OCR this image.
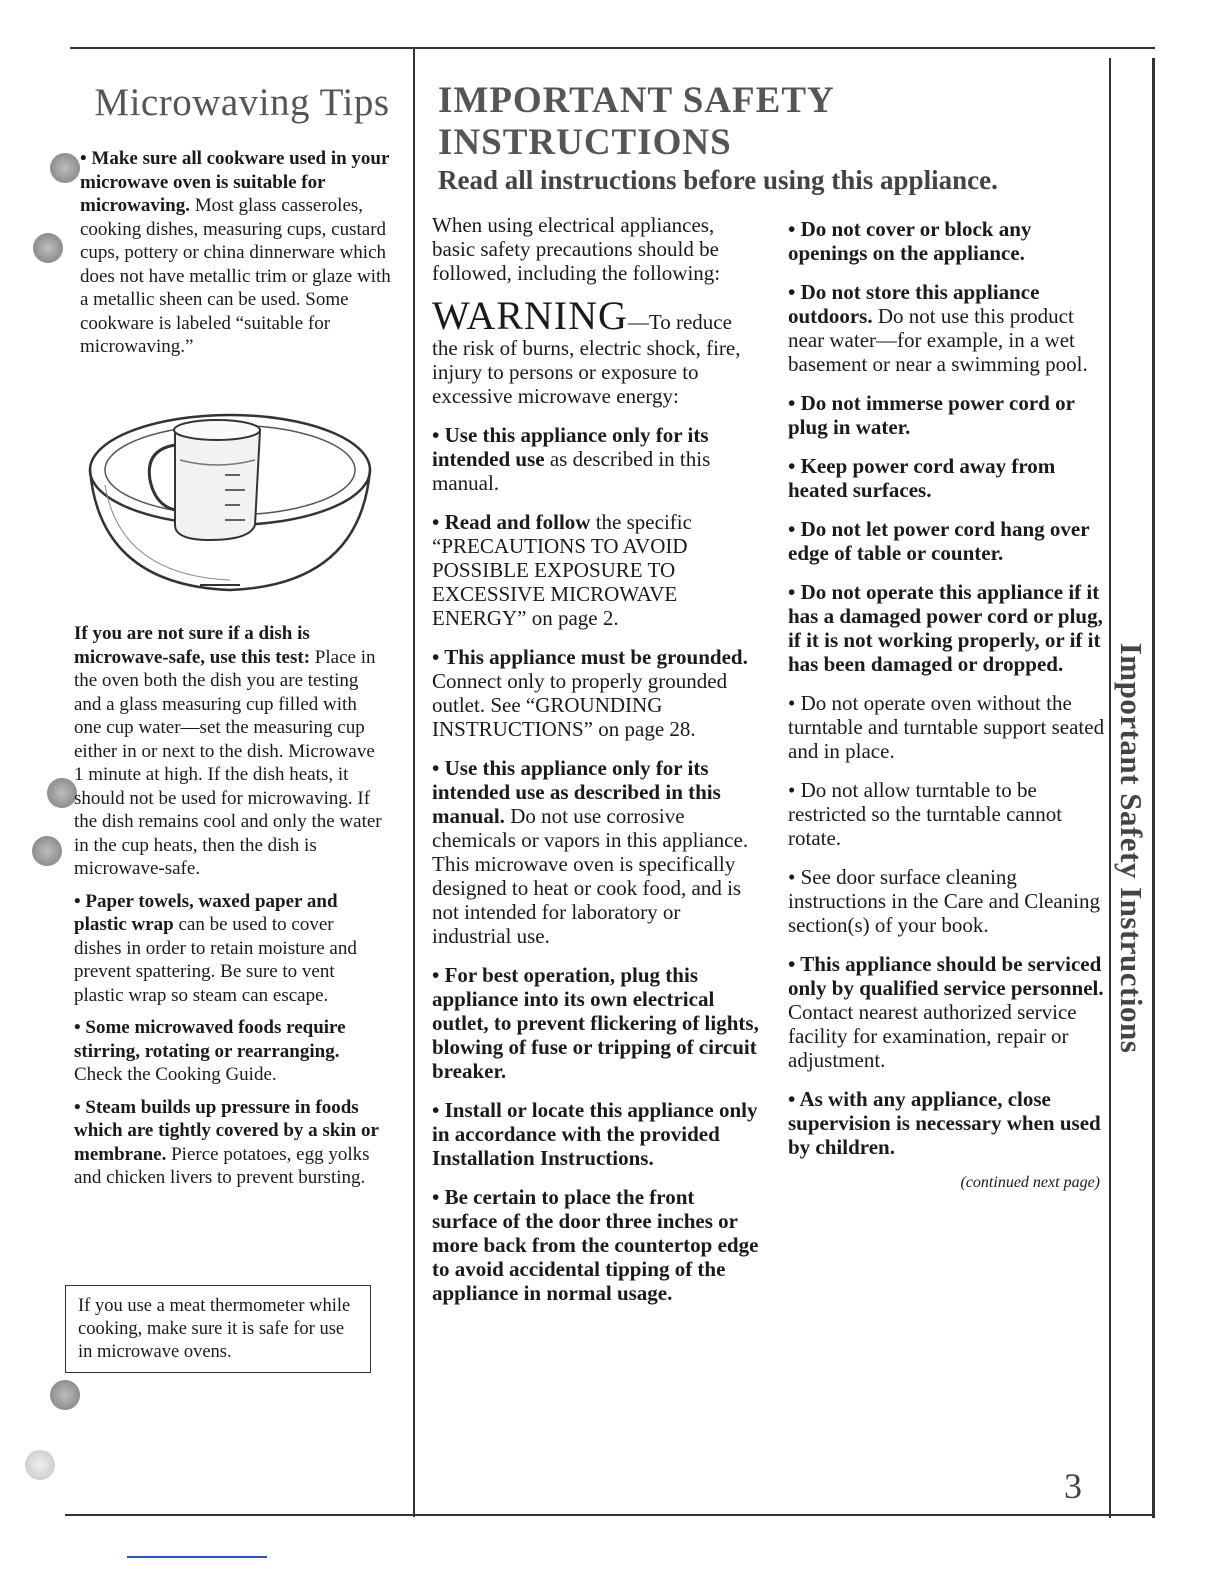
Microwaving Tips

• Make sure all cookware used in your microwave oven is suitable for microwaving. Most glass casseroles, cooking dishes, measuring cups, custard cups, pottery or china dinnerware which does not have metallic trim or glaze with a metallic sheen can be used. Some cookware is labeled “suitable for microwaving.”

If you are not sure if a dish is microwave-safe, use this test: Place in the oven both the dish you are testing and a glass measuring cup filled with one cup water—set the measuring cup either in or next to the dish. Microwave 1 minute at high. If the dish heats, it should not be used for microwaving. If the dish remains cool and only the water in the cup heats, then the dish is microwave-safe.

• Paper towels, waxed paper and plastic wrap can be used to cover dishes in order to retain moisture and prevent spattering. Be sure to vent plastic wrap so steam can escape.

• Some microwaved foods require stirring, rotating or rearranging. Check the Cooking Guide.

• Steam builds up pressure in foods which are tightly covered by a skin or membrane. Pierce potatoes, egg yolks and chicken livers to prevent bursting.

If you use a meat thermometer while cooking, make sure it is safe for use in microwave ovens.
IMPORTANT SAFETY
INSTRUCTIONS
Read all instructions before using this appliance.

When using electrical appliances, basic safety precautions should be followed, including the following:

WARNING—To reduce the risk of burns, electric shock, fire, injury to persons or exposure to excessive microwave energy:

• Use this appliance only for its intended use as described in this manual.

• Read and follow the specific “PRECAUTIONS TO AVOID POSSIBLE EXPOSURE TO EXCESSIVE MICROWAVE ENERGY” on page 2.

• This appliance must be grounded. Connect only to properly grounded outlet. See “GROUNDING INSTRUCTIONS” on page 28.

• Use this appliance only for its intended use as described in this manual. Do not use corrosive chemicals or vapors in this appliance. This microwave oven is specifically designed to heat or cook food, and is not intended for laboratory or industrial use.

• For best operation, plug this appliance into its own electrical outlet, to prevent flickering of lights, blowing of fuse or tripping of circuit breaker.

• Install or locate this appliance only in accordance with the provided Installation Instructions.

• Be certain to place the front surface of the door three inches or more back from the countertop edge to avoid accidental tipping of the appliance in normal usage.

• Do not cover or block any openings on the appliance.

• Do not store this appliance outdoors. Do not use this product near water—for example, in a wet basement or near a swimming pool.

• Do not immerse power cord or plug in water.

• Keep power cord away from heated surfaces.

• Do not let power cord hang over edge of table or counter.

• Do not operate this appliance if it has a damaged power cord or plug, if it is not working properly, or if it has been damaged or dropped.

• Do not operate oven without the turntable and turntable support seated and in place.

• Do not allow turntable to be restricted so the turntable cannot rotate.

• See door surface cleaning instructions in the Care and Cleaning section(s) of your book.

• This appliance should be serviced only by qualified service personnel. Contact nearest authorized service facility for examination, repair or adjustment.

• As with any appliance, close supervision is necessary when used by children.

(continued next page)

Important Safety Instructions
3
